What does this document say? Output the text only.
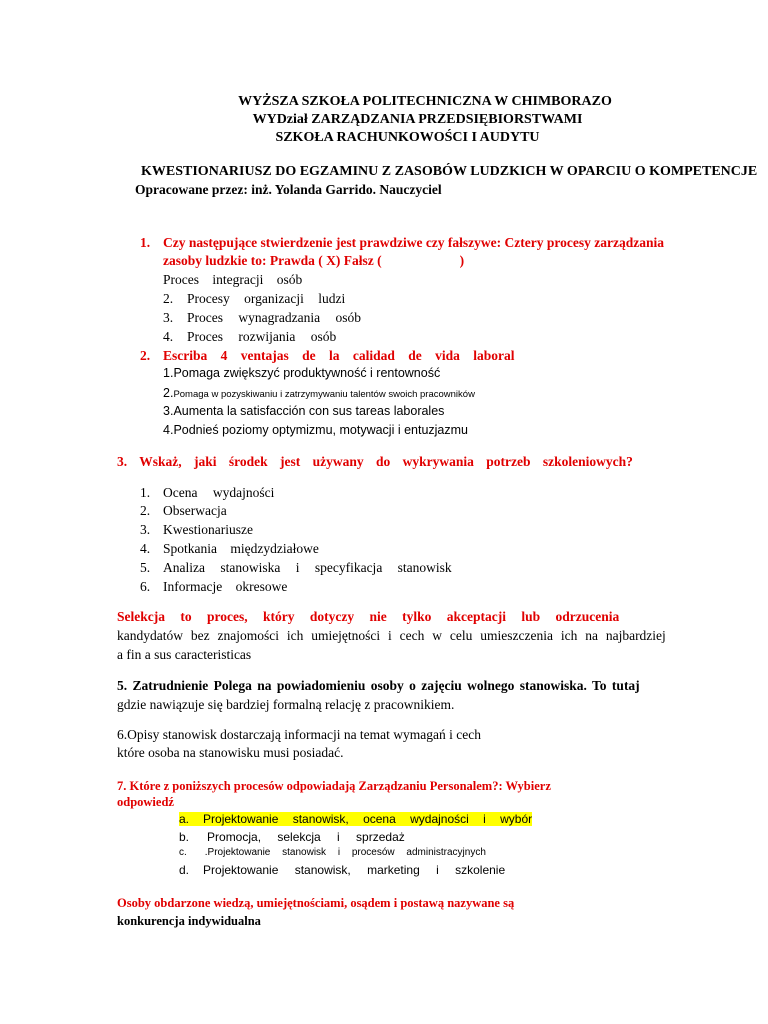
WYŻSZA SZKOŁA POLITECHNICZNA W CHIMBORAZO
WYDział ZARZĄDZANIA PRZEDSIĘBIORSTWAMI
SZKOŁA RACHUNKOWOŚCI I AUDYTU
KWESTIONARIUSZ DO EGZAMINU Z ZASOBÓW LUDZKICH W OPARCIU O KOMPETENCJE
Opracowane przez: inż. Yolanda Garrido. Nauczyciel
1. Czy następujące stwierdzenie jest prawdziwe czy fałszywe: Cztery procesy zarządzania
zasoby ludzkie to: Prawda ( X) Fałsz (	)
Proces integracji osób
2. Procesy organizacji ludzi
3. Proces wynagradzania osób
4. Proces rozwijania osób
2. Escriba 4 ventajas de la calidad de vida laboral
1.Pomaga zwiększyć produktywność i rentowność
2.Pomaga w pozyskiwaniu i zatrzymywaniu talentów swoich pracowników
3.Aumenta la satisfacción con sus tareas laborales
4.Podnieś poziomy optymizmu, motywacji i entuzjazmu
3. Wskaż, jaki środek jest używany do wykrywania potrzeb szkoleniowych?
1. Ocena wydajności
2. Obserwacja
3. Kwestionariusze
4. Spotkania międzydziałowe
5. Analiza stanowiska i specyfikacja stanowisk
6. Informacje okresowe
Selekcja to proces, który dotyczy nie tylko akceptacji lub odrzucenia
kandydatów bez znajomości ich umiejętności i cech w celu umieszczenia ich na najbardziej
a fin a sus caracteristicas
5. Zatrudnienie Polega na powiadomieniu osoby o zajęciu wolnego stanowiska. To tutaj
gdzie nawiązuje się bardziej formalną relację z pracownikiem.
6.Opisy stanowisk dostarczają informacji na temat wymagań i cech
które osoba na stanowisku musi posiadać.
7. Które z poniższych procesów odpowiadają Zarządzaniu Personalem?: Wybierz
odpowiedź
a. Projektowanie stanowisk, ocena wydajności i wybór
b. Promocja, selekcja i sprzedaż
c. .Projektowanie stanowisk i procesów administracyjnych
d. Projektowanie stanowisk, marketing i szkolenie
Osoby obdarzone wiedzą, umiejętnościami, osądem i postawą nazywane są
konkurencja indywidualna
